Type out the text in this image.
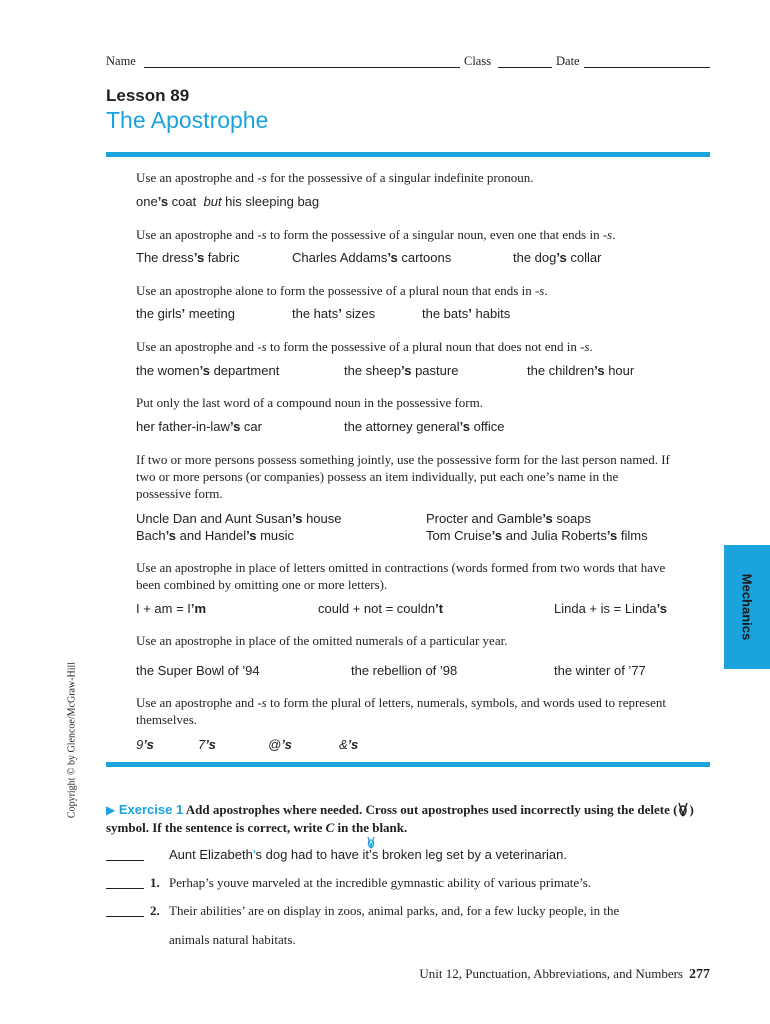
Name	Class	Date
Lesson 89
The Apostrophe
Use an apostrophe and -s for the possessive of a singular indefinite pronoun.
one’s coat but his sleeping bag
Use an apostrophe and -s to form the possessive of a singular noun, even one that ends in -s.
The dress’s fabric	Charles Addams’s cartoons	the dog’s collar
Use an apostrophe alone to form the possessive of a plural noun that ends in -s.
the girls’ meeting	the hats’ sizes	the bats’ habits
Use an apostrophe and -s to form the possessive of a plural noun that does not end in -s.
the women’s department	the sheep’s pasture	the children’s hour
Put only the last word of a compound noun in the possessive form.
her father-in-law’s car	the attorney general’s office
If two or more persons possess something jointly, use the possessive form for the last person named. If two or more persons (or companies) possess an item individually, put each one’s name in the possessive form.
Uncle Dan and Aunt Susan’s house	Procter and Gamble’s soaps
Bach’s and Handel’s music	Tom Cruise’s and Julia Roberts’s films
Use an apostrophe in place of letters omitted in contractions (words formed from two words that have been combined by omitting one or more letters).
I + am = I’m	could + not = couldn’t	Linda + is = Linda’s
Use an apostrophe in place of the omitted numerals of a particular year.
the Super Bowl of ’94	the rebellion of ’98	the winter of ’77
Use an apostrophe and -s to form the plural of letters, numerals, symbols, and words used to represent themselves.
9’s	7’s	@’s	&’s
Mechanics
Copyright © by Glencoe/McGraw-Hill ▶ Exercise 1 Add apostrophes where needed. Cross out apostrophes used incorrectly using the delete ( ) symbol. If the sentence is correct, write C in the blank.
Aunt Elizabeth’s dog had to have it’
s broken leg set by a veterinarian.
1. Perhap’s youve marveled at the incredible gymnastic ability of various primate’s.
2. Their abilities’ are on display in zoos, animal parks, and, for a few lucky people, in the
animals natural habitats.
Unit 12, Punctuation, Abbreviations, and Numbers 277
